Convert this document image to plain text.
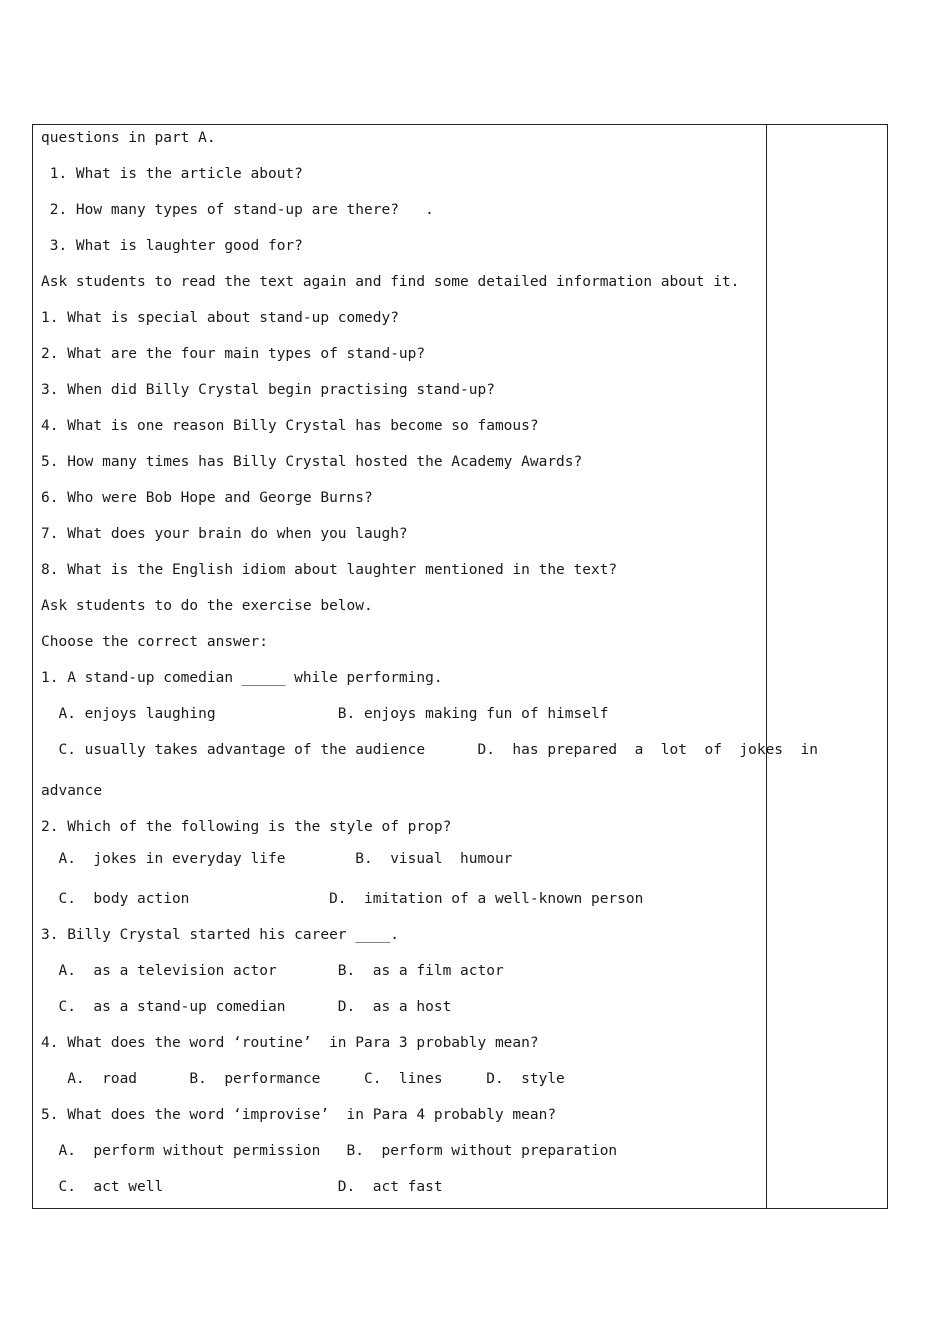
questions in part A.
1. What is the article about?
2. How many types of stand-up are there?   .
3. What is laughter good for?
Ask students to read the text again and find some detailed information about it.
1. What is special about stand-up comedy?
2. What are the four main types of stand-up?
3. When did Billy Crystal begin practising stand-up?
4. What is one reason Billy Crystal has become so famous?
5. How many times has Billy Crystal hosted the Academy Awards?
6. Who were Bob Hope and George Burns?
7. What does your brain do when you laugh?
8. What is the English idiom about laughter mentioned in the text?
Ask students to do the exercise below.
Choose the correct answer:
1. A stand-up comedian _____ while performing.
A. enjoys laughing              B. enjoys making fun of himself
C. usually takes advantage of the audience      D.  has prepared  a  lot  of  jokes  in
advance
2. Which of the following is the style of prop?
A.  jokes in everyday life        B.  visual  humour
C.  body action                D.  imitation of a well-known person
3. Billy Crystal started his career ____.
A.  as a television actor       B.  as a film actor
C.  as a stand-up comedian      D.  as a host
4. What does the word ‘routine’  in Para 3 probably mean?
A.  road      B.  performance     C.  lines     D.  style
5. What does the word ‘improvise’  in Para 4 probably mean?
A.  perform without permission   B.  perform without preparation
C.  act well                    D.  act fast
